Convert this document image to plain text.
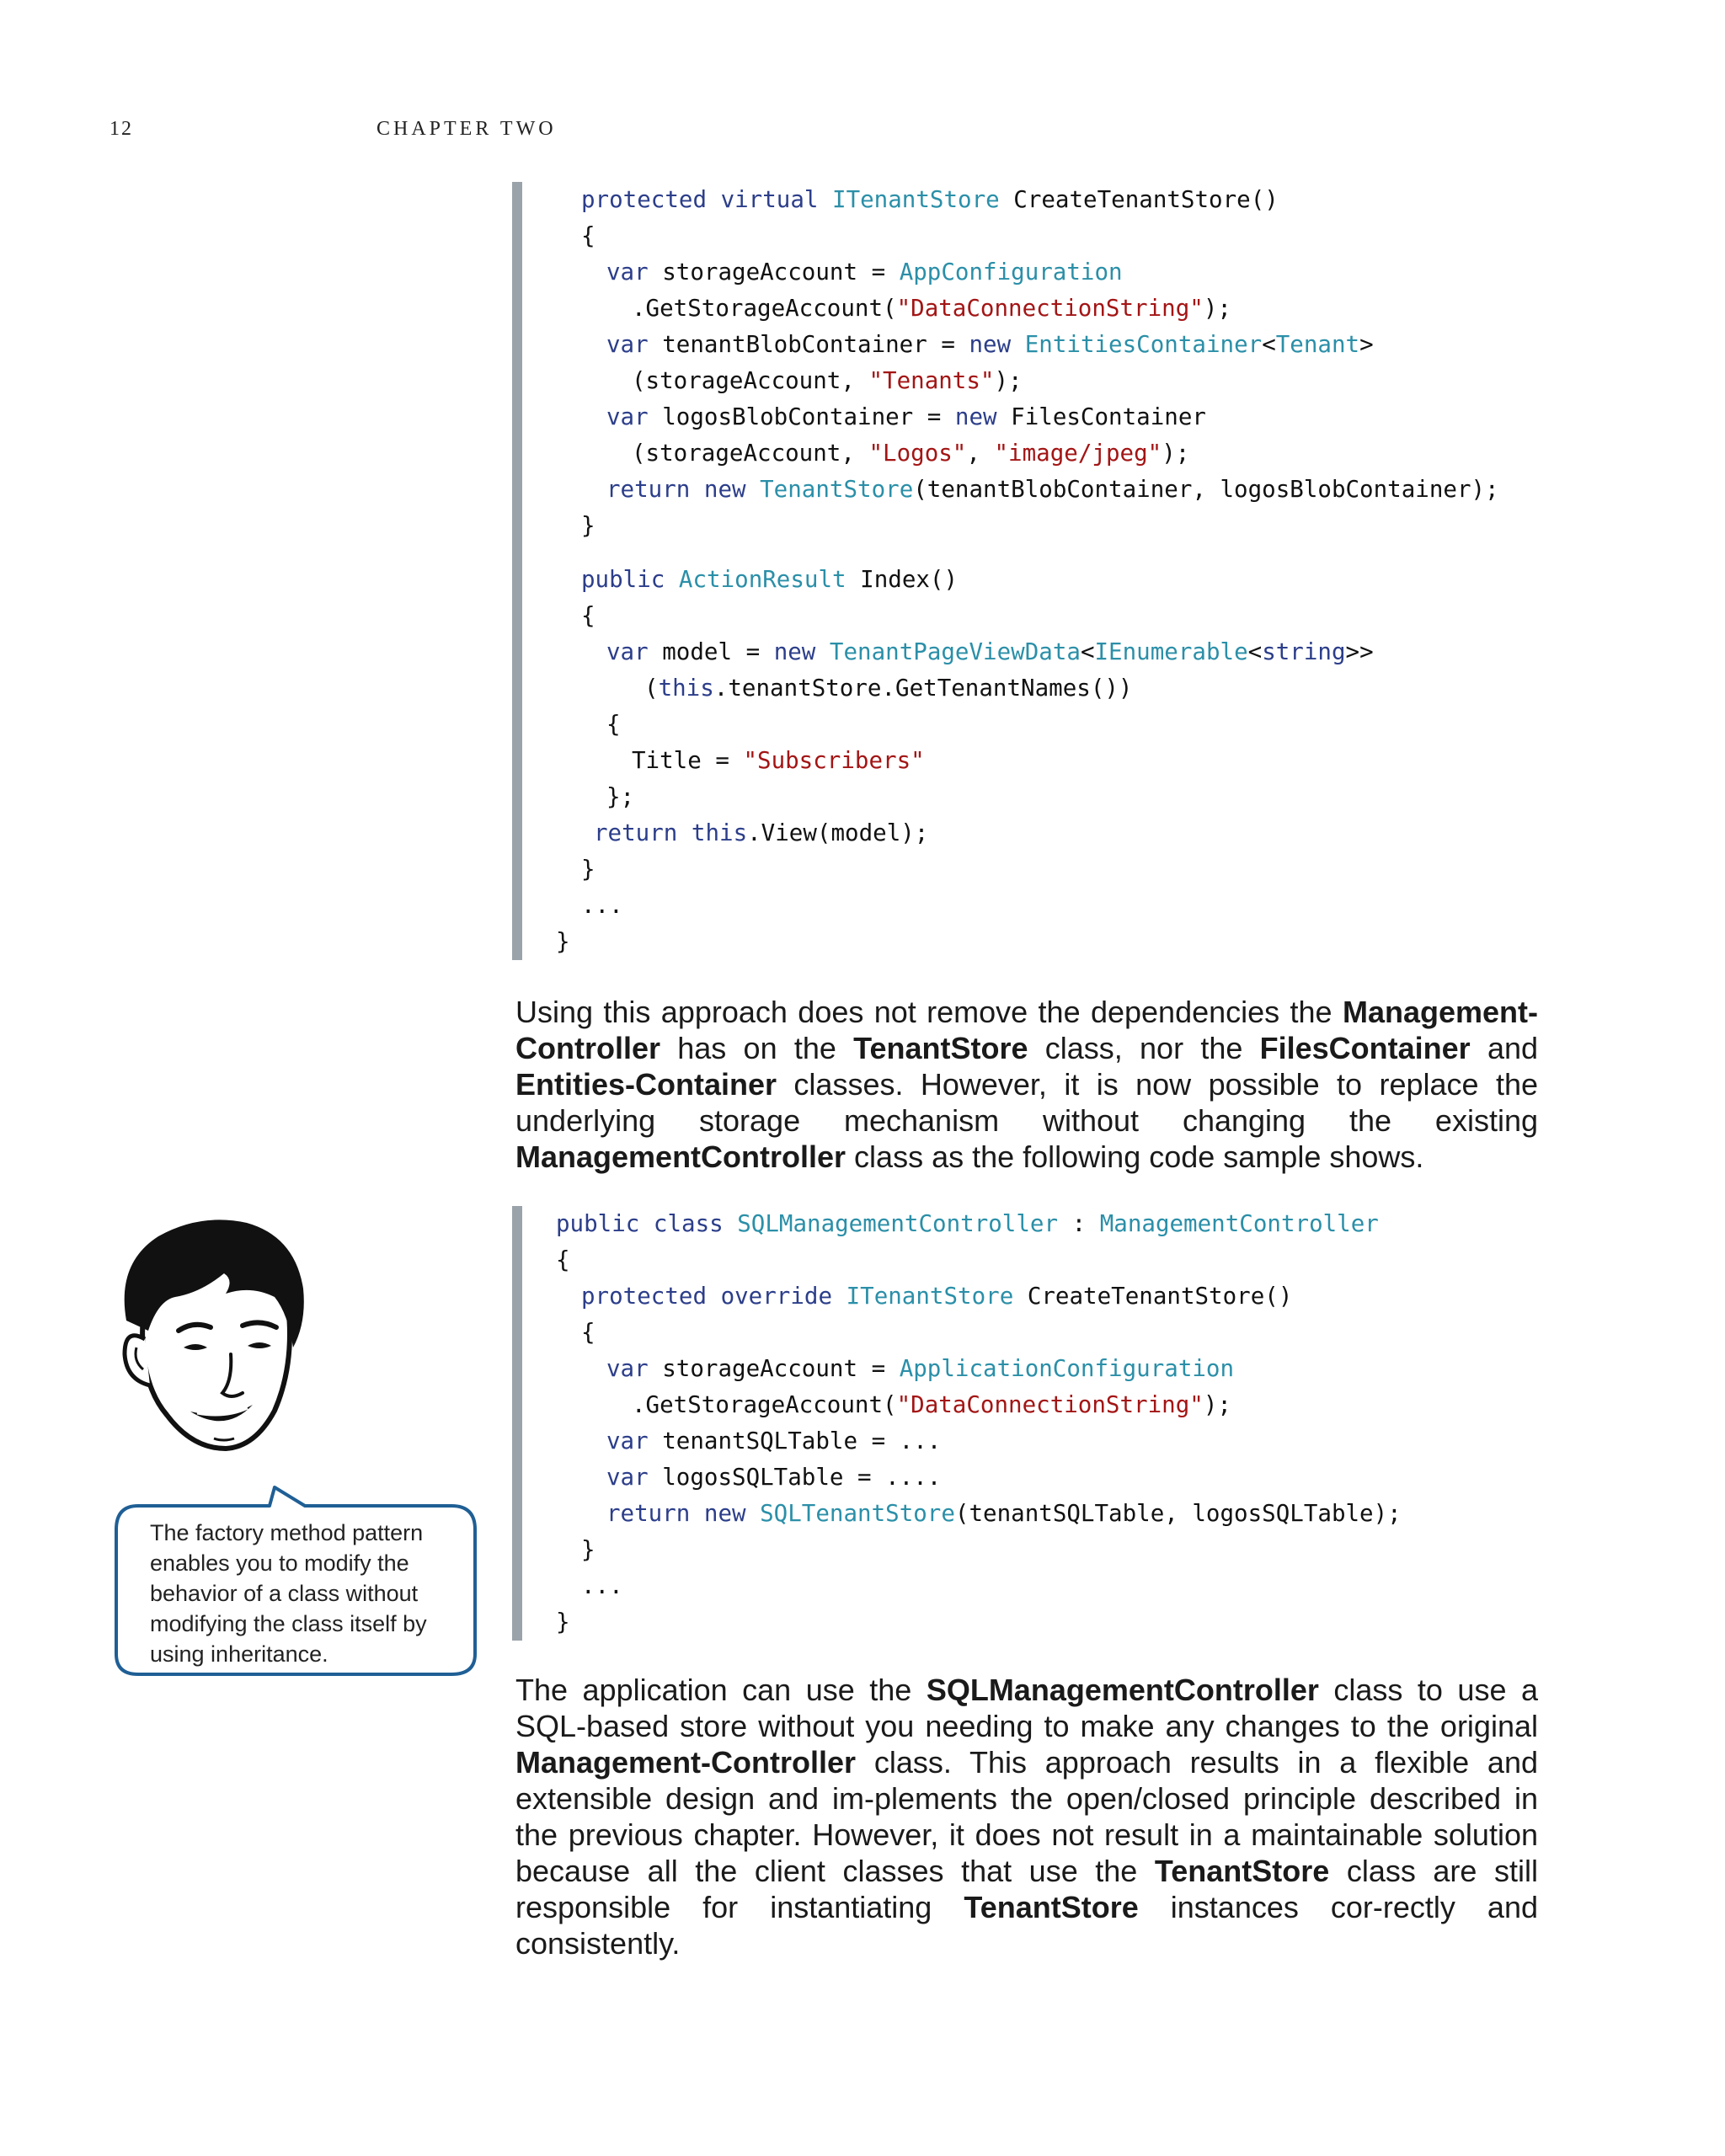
12	CHAPTER TWO
protected virtual ITenantStore CreateTenantStore()
{
var storageAccount = AppConfiguration
.GetStorageAccount("DataConnectionString");
var tenantBlobContainer = new EntitiesContainer<Tenant>
(storageAccount, "Tenants");
var logosBlobContainer = new FilesContainer
(storageAccount, "Logos", "image/jpeg");
return new TenantStore(tenantBlobContainer, logosBlobContainer);
}
public ActionResult Index()
{
var model = new TenantPageViewData<IEnumerable<string>>
(this.tenantStore.GetTenantNames())
{
Title = "Subscribers"
};
return this.View(model);
}
...
}
Using this approach does not remove the dependencies the Management-Controller has on the TenantStore class, nor the FilesContainer and Entities-Container classes. However, it is now possible to replace the underlying storage mechanism without changing the existing ManagementController class as the following code sample shows.
public class SQLManagementController : ManagementController
{
protected override ITenantStore CreateTenantStore()
{
var storageAccount = ApplicationConfiguration
.GetStorageAccount("DataConnectionString");
var tenantSQLTable = ...
var logosSQLTable = ....
return new SQLTenantStore(tenantSQLTable, logosSQLTable);
}
...
}
The application can use the SQLManagementController class to use a SQL-based store without you needing to make any changes to the original Management-Controller class. This approach results in a flexible and extensible design and im-plements the open/closed principle described in the previous chapter. However, it does not result in a maintainable solution because all the client classes that use the TenantStore class are still responsible for instantiating TenantStore instances cor-rectly and consistently.
The factory method pattern enables you to modify the behavior of a class without modifying the class itself by using inheritance.
